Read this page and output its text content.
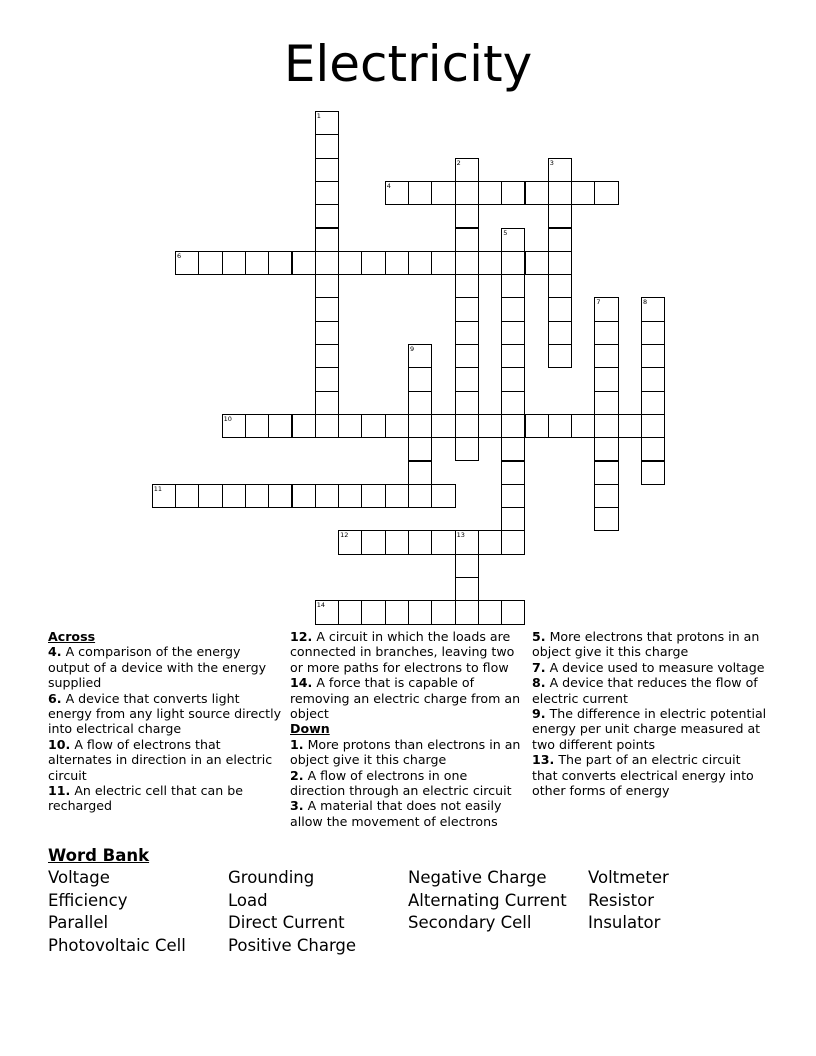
Electricity
1
2	3
4
5
6
7	8
9
10
11
12	13
14
Across
4. A comparison of the energy output of a device with the energy supplied
6. A device that converts light energy from any light source directly into electrical charge
10. A flow of electrons that alternates in direction in an electric circuit
11. An electric cell that can be recharged
12. A circuit in which the loads are connected in branches, leaving two or more paths for electrons to flow
14. A force that is capable of removing an electric charge from an object
Down
1. More protons than electrons in an object give it this charge
2. A flow of electrons in one direction through an electric circuit
3. A material that does not easily allow the movement of electrons
5. More electrons that protons in an object give it this charge
7. A device used to measure voltage
8. A device that reduces the flow of electric current
9. The difference in electric potential energy per unit charge measured at two different points
13. The part of an electric circuit that converts electrical energy into other forms of energy
Word Bank
Voltage
Efficiency
Parallel
Photovoltaic Cell
Grounding
Load
Direct Current
Positive Charge
Negative Charge
Alternating Current
Secondary Cell
Voltmeter
Resistor
Insulator
